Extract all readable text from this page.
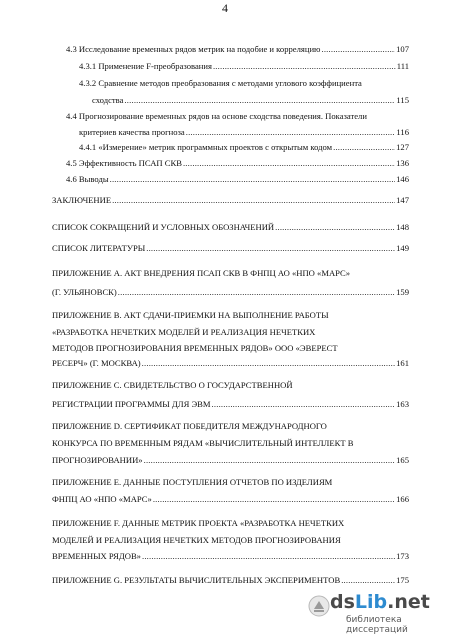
4
4.3 Исследование временных рядов метрик на подобие и корреляцию .....	107
4.3.1 Применение F-преобразования .....	111
4.3.2 Сравнение методов преобразования с методами углового коэффициента
сходства .....	115
4.4 Прогнозирование временных рядов на основе сходства поведения. Показатели
критериев качества прогноза .....	116
4.4.1 «Измерение» метрик программных проектов с открытым кодом .....	127
4.5 Эффективность ПСАП СКВ .....	136
4.6 Выводы .....	146
ЗАКЛЮЧЕНИЕ .....	147
СПИСОК СОКРАЩЕНИЙ И УСЛОВНЫХ ОБОЗНАЧЕНИЙ .....	148
СПИСОК ЛИТЕРАТУРЫ .....	149
ПРИЛОЖЕНИЕ А. АКТ ВНЕДРЕНИЯ ПСАП СКВ В ФНПЦ АО «НПО «МАРС»
(Г. УЛЬЯНОВСК) .....	159
ПРИЛОЖЕНИЕ B. АКТ СДАЧИ-ПРИЕМКИ НА ВЫПОЛНЕНИЕ РАБОТЫ
«РАЗРАБОТКА НЕЧЕТКИХ МОДЕЛЕЙ И РЕАЛИЗАЦИЯ НЕЧЕТКИХ
МЕТОДОВ ПРОГНОЗИРОВАНИЯ ВРЕМЕННЫХ РЯДОВ» ООО «ЭВЕРЕСТ
РЕСЕРЧ» (Г. МОСКВА) .....	161
ПРИЛОЖЕНИЕ С. СВИДЕТЕЛЬСТВО О ГОСУДАРСТВЕННОЙ
РЕГИСТРАЦИИ ПРОГРАММЫ ДЛЯ ЭВМ .....	163
ПРИЛОЖЕНИЕ D. СЕРТИФИКАТ ПОБЕДИТЕЛЯ МЕЖДУНАРОДНОГО
КОНКУРСА ПО ВРЕМЕННЫМ РЯДАМ «ВЫЧИСЛИТЕЛЬНЫЙ ИНТЕЛЛЕКТ В
ПРОГНОЗИРОВАНИИ» .....	165
ПРИЛОЖЕНИЕ Е. ДАННЫЕ ПОСТУПЛЕНИЯ ОТЧЕТОВ ПО ИЗДЕЛИЯМ
ФНПЦ АО «НПО «МАРС» .....	166
ПРИЛОЖЕНИЕ F. ДАННЫЕ МЕТРИК ПРОЕКТА «РАЗРАБОТКА НЕЧЕТКИХ
МОДЕЛЕЙ И РЕАЛИЗАЦИЯ НЕЧЕТКИХ МЕТОДОВ ПРОГНОЗИРОВАНИЯ
ВРЕМЕННЫХ РЯДОВ» .....	173
ПРИЛОЖЕНИЕ G. РЕЗУЛЬТАТЫ ВЫЧИСЛИТЕЛЬНЫХ ЭКСПЕРИМЕНТОВ .....	175
dsLib.net
библиотека диссертаций
